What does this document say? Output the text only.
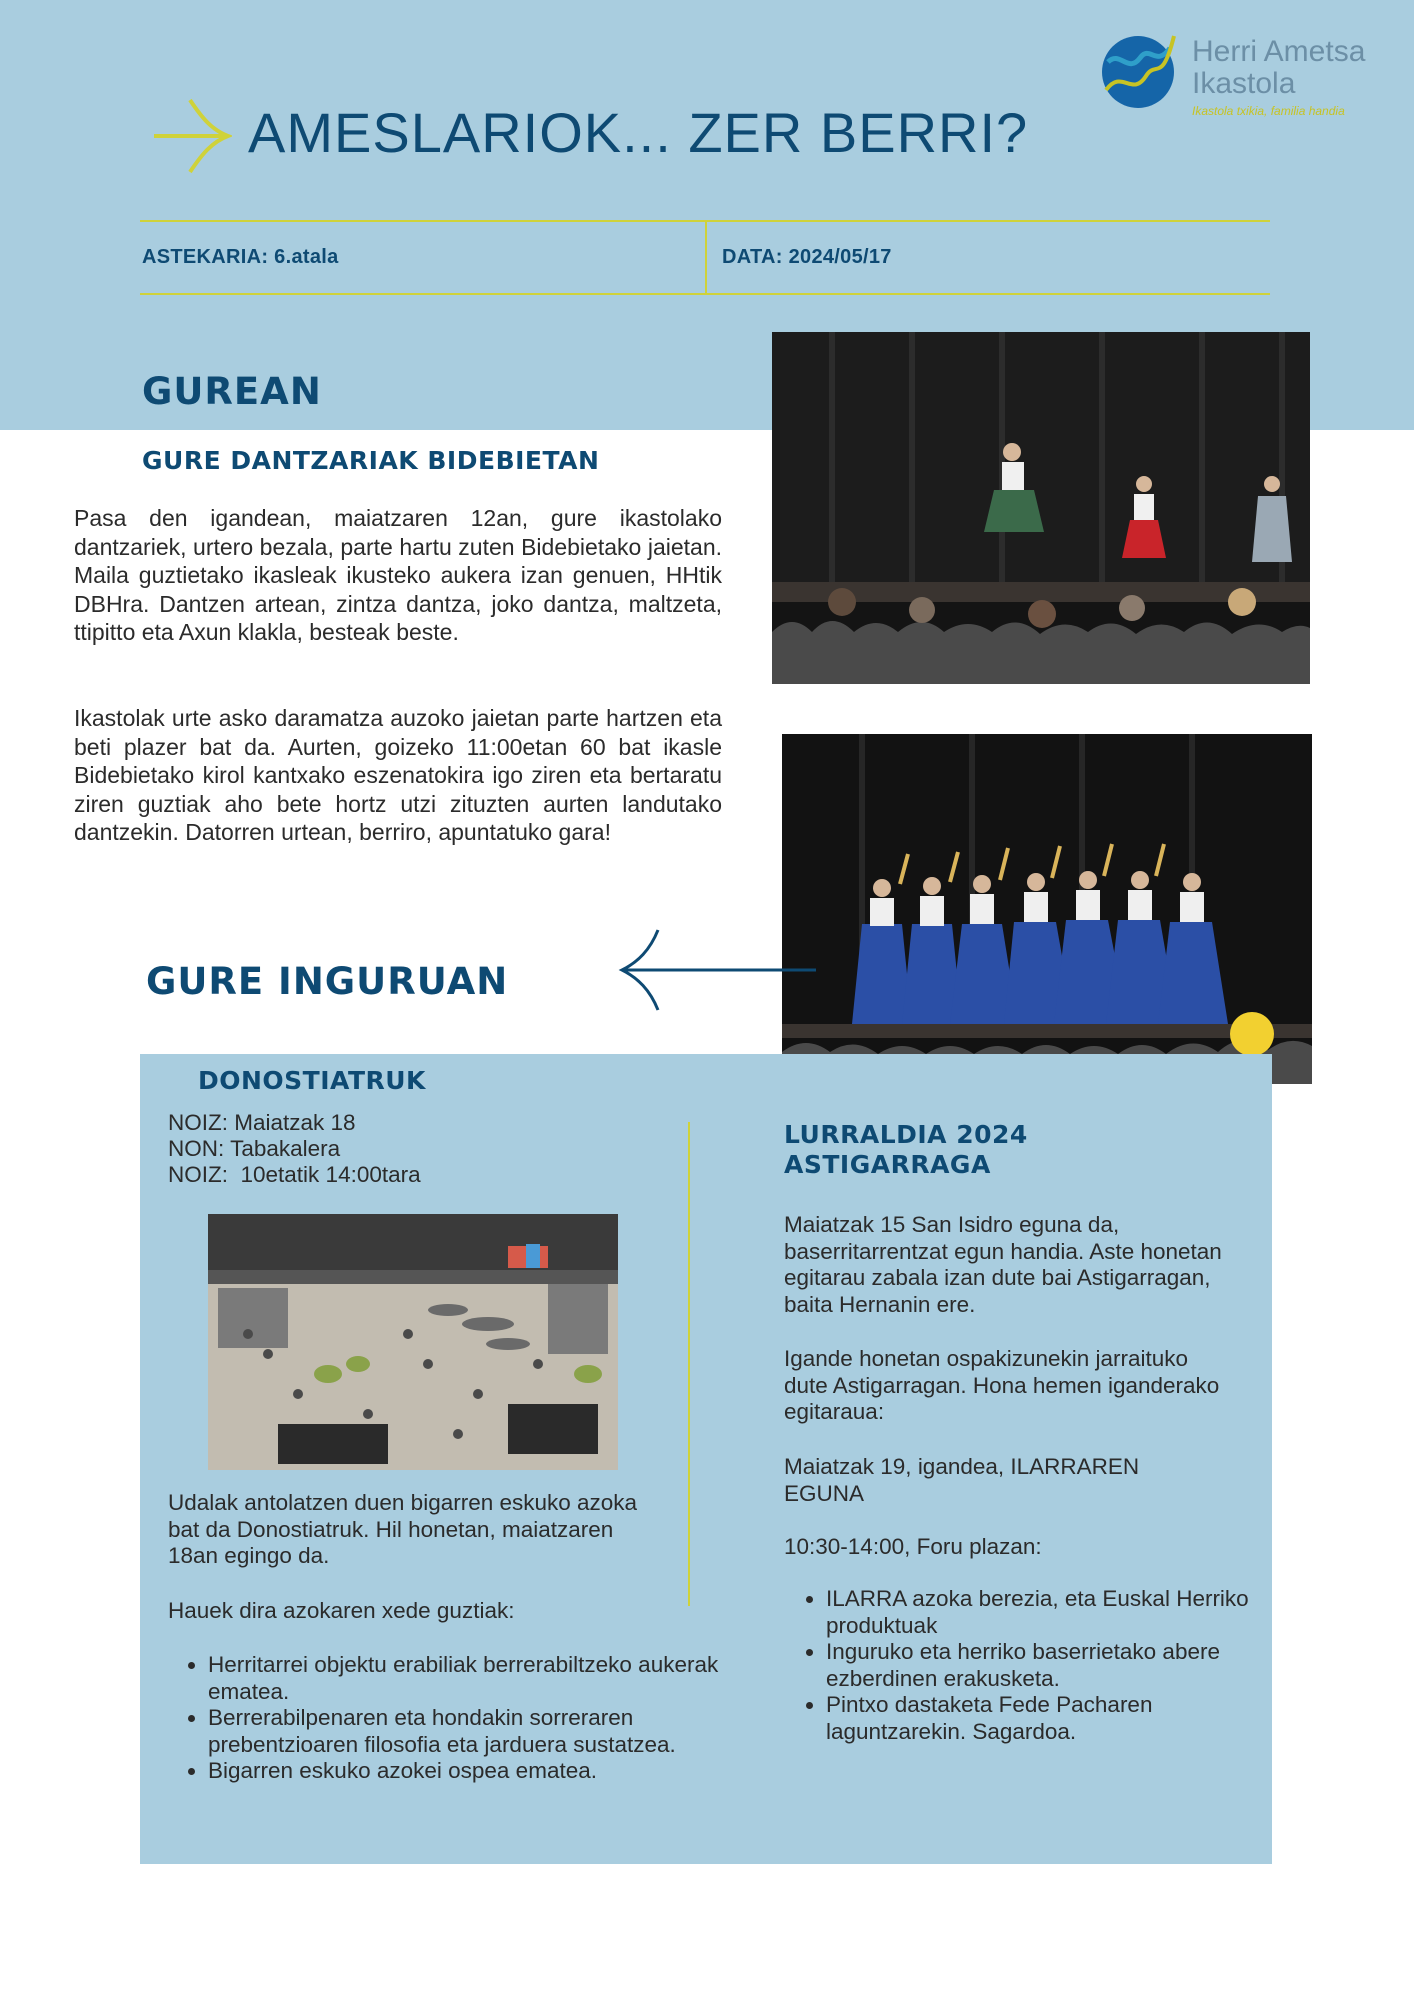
Herri Ametsa
Ikastola
Ikastola txikia, familia handia
AMESLARIOK... ZER BERRI?
ASTEKARIA: 6.atala	DATA: 2024/05/17
GUREAN
GURE DANTZARIAK BIDEBIETAN

Pasa den igandean, maiatzaren 12an, gure ikastolako dantzariek, urtero bezala, parte hartu zuten Bidebietako jaietan. Maila guztietako ikasleak ikusteko aukera izan genuen, HHtik DBHra. Dantzen artean, zintza dantza, joko dantza, maltzeta, ttipitto eta Axun klakla, besteak beste.

Ikastolak urte asko daramatza auzoko jaietan parte hartzen eta beti plazer bat da. Aurten, goizeko 11:00etan 60 bat ikasle Bidebietako kirol kantxako eszenatokira igo ziren eta bertaratu ziren guztiak aho bete hortz utzi zituzten aurten landutako dantzekin. Datorren urtean, berriro, apuntatuko gara!

GURE INGURUAN
DONOSTIATRUK

NOIZ: Maiatzak 18

NON: Tabakalera

NOIZ:  10etatik 14:00tara

Udalak antolatzen duen bigarren eskuko azoka bat da Donostiatruk. Hil honetan, maiatzaren 18an egingo da.

Hauek dira azokaren xede guztiak:

• Herritarrei objektu erabiliak berrerabiltzeko aukerak ematea.
• Berrerabilpenaren eta hondakin sorreraren prebentzioaren filosofia eta jarduera sustatzea.
• Bigarren eskuko azokei ospea ematea.
LURRALDIA 2024
ASTIGARRAGA

Maiatzak 15 San Isidro eguna da, baserritarrentzat egun handia. Aste honetan egitarau zabala izan dute bai Astigarragan, baita Hernanin ere.

Igande honetan ospakizunekin jarraituko dute Astigarragan. Hona hemen iganderako egitaraua:

Maiatzak 19, igandea, ILARRAREN EGUNA

10:30-14:00, Foru plazan:

• ILARRA azoka berezia, eta Euskal Herriko produktuak
• Inguruko eta herriko baserrietako abere ezberdinen erakusketa.
• Pintxo dastaketa Fede Pacharen laguntzarekin. Sagardoa.
